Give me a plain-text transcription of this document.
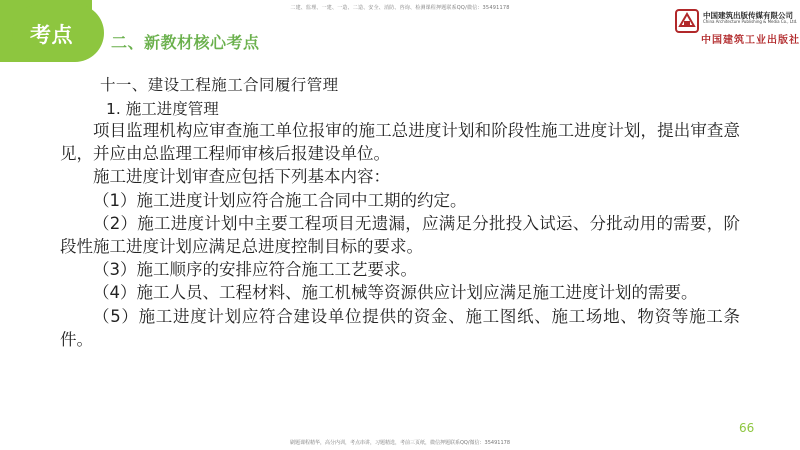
二建、监理、一建、一造、二造、安全、消防、咨询、检测课程押题联系QQ/微信：35491178
考点 二、新教材核心考点
中国建筑出版传媒有限公司
China Architecture Publishing & Media Co., Ltd.
中国建筑工业出版社
十一、建设工程施工合同履行管理
1. 施工进度管理

项目监理机构应审查施工单位报审的施工总进度计划和阶段性施工进度计划，提出审查意见，并应由总监理工程师审核后报建设单位。

施工进度计划审查应包括下列基本内容：

（1）施工进度计划应符合施工合同中工期的约定。

（2）施工进度计划中主要工程项目无遗漏，应满足分批投入试运、分批动用的需要，阶段性施工进度计划应满足总进度控制目标的要求。

（3）施工顺序的安排应符合施工工艺要求。

（4）施工人员、工程材料、施工机械等资源供应计划应满足施工进度计划的需要。

（5）施工进度计划应符合建设单位提供的资金、施工图纸、施工场地、物资等施工条件。

66
刷题课程精华，高分内训，考点串讲，习题精选，考前三页纸，微信押题联系QQ/微信：35491178
